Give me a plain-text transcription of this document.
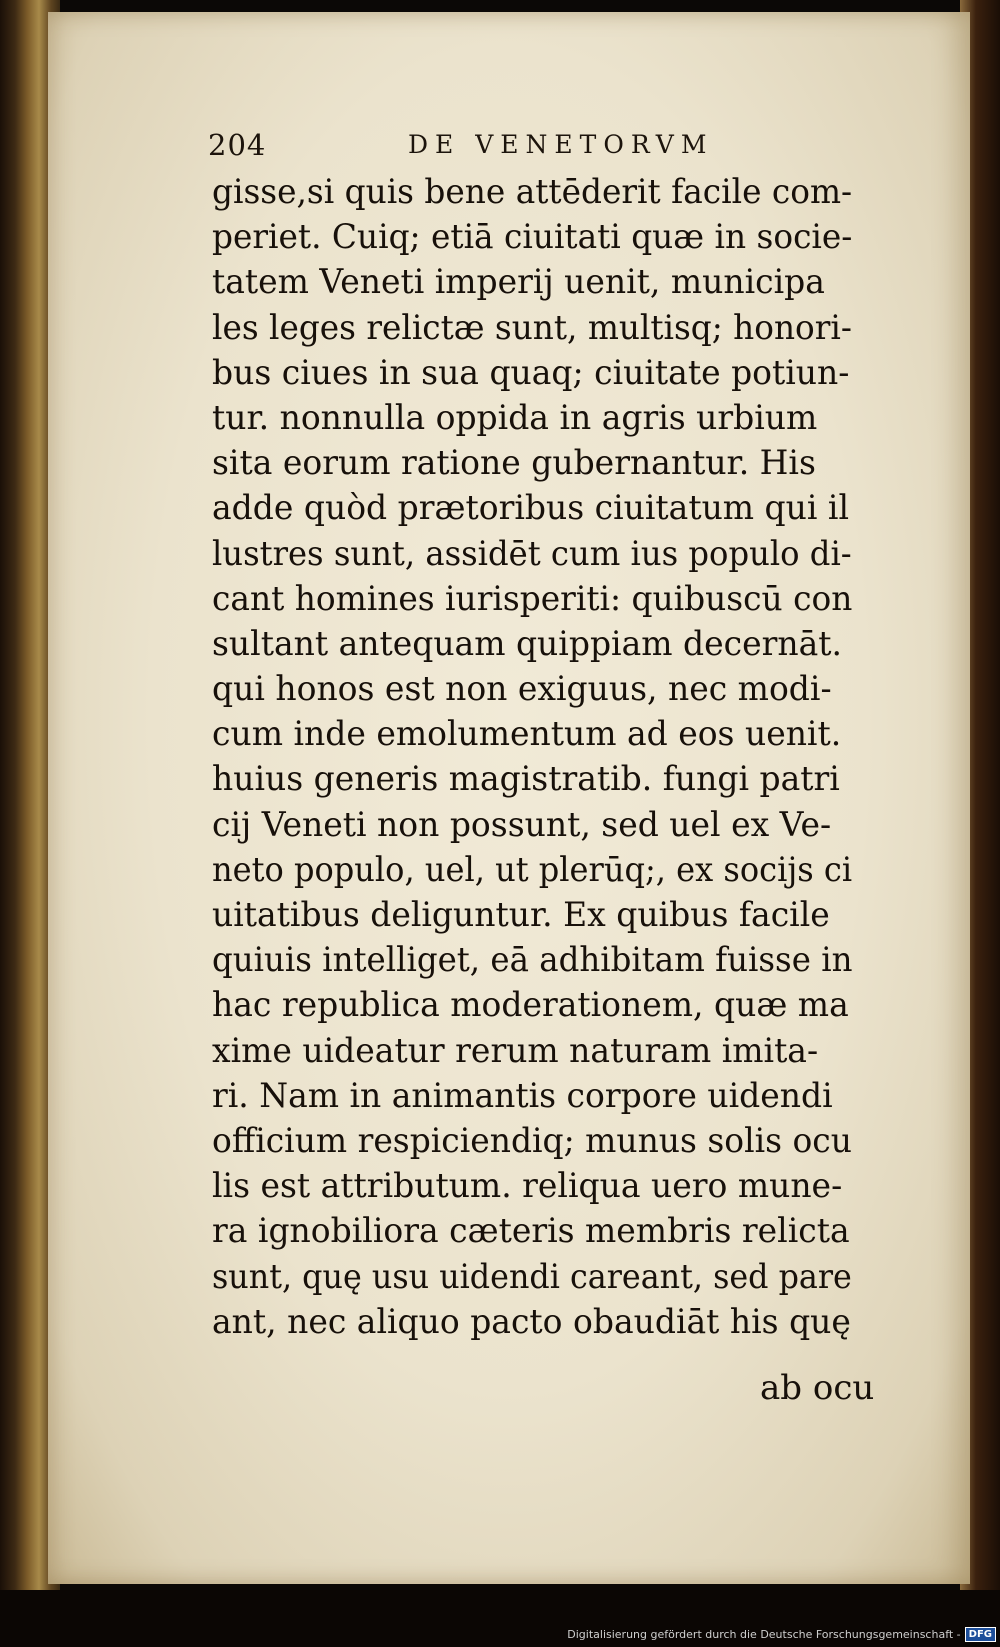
204	DE VENETORVM
gisse,si quis bene attēderit facile com-
periet. Cuiq; etiā ciuitati quæ in socie-
tatem Veneti imperij uenit, municipa
les leges relictæ sunt, multisq; honori-
bus ciues in sua quaq; ciuitate potiun-
tur. nonnulla oppida in agris urbium
sita eorum ratione gubernantur. His
adde quòd prætoribus ciuitatum qui il
lustres sunt, assidēt cum ius populo di-
cant homines iurisperiti: quibuscū con
sultant antequam quippiam decernāt.
qui honos est non exiguus, nec modi-
cum inde emolumentum ad eos uenit.
huius generis magistratib. fungi patri
cij Veneti non possunt, sed uel ex Ve-
neto populo, uel, ut plerūq;, ex socijs ci
uitatibus deliguntur. Ex quibus facile
quiuis intelliget, eā adhibitam fuisse in
hac republica moderationem, quæ ma
xime uideatur rerum naturam imita-
ri. Nam in animantis corpore uidendi
officium respiciendiq; munus solis ocu
lis est attributum. reliqua uero mune-
ra ignobiliora cæteris membris relicta
sunt, quę usu uidendi careant, sed pare
ant, nec aliquo pacto obaudiāt his quę
ab ocu
Digitalisierung gefördert durch die Deutsche Forschungsgemeinschaft - DFG
